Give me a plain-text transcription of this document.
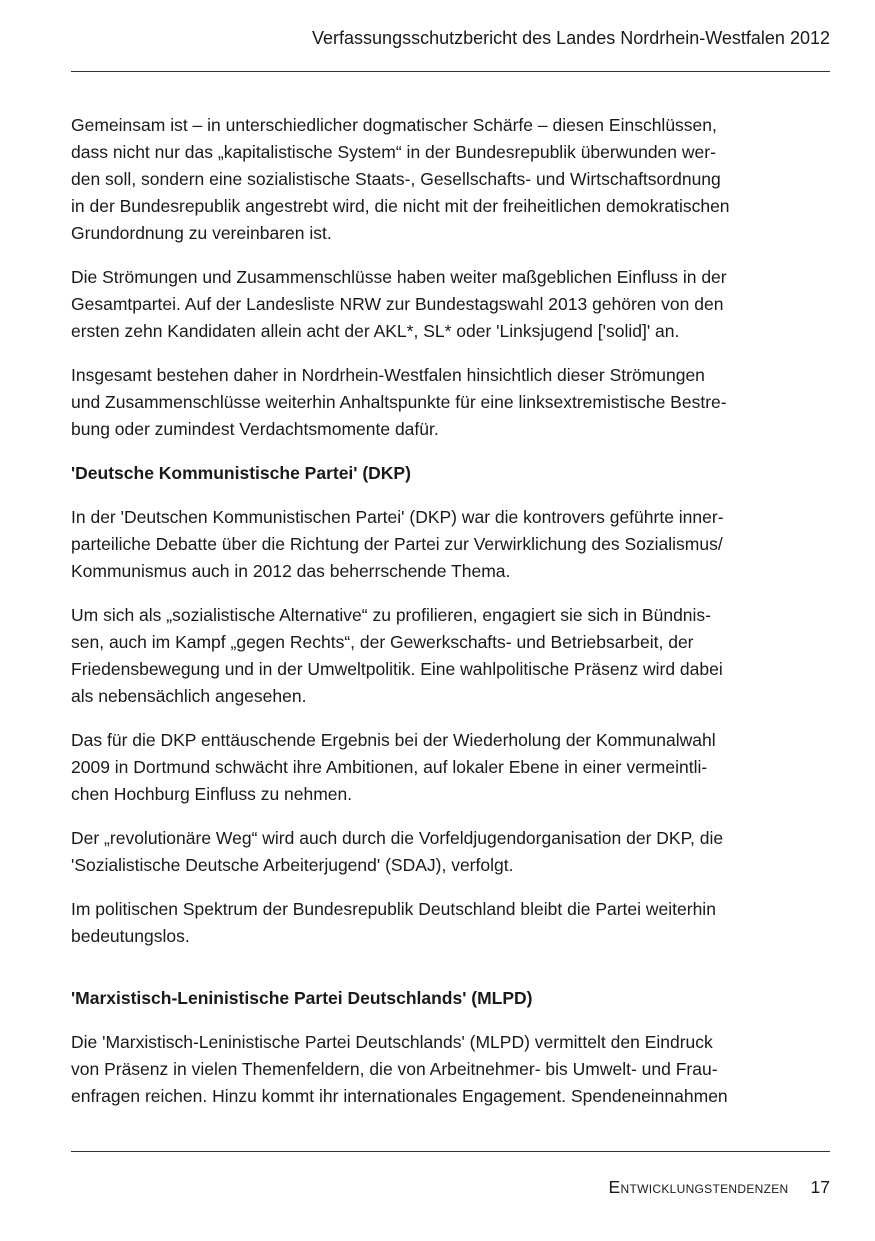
Verfassungsschutzbericht des Landes Nordrhein-Westfalen 2012

Gemeinsam ist – in unterschiedlicher dogmatischer Schärfe – diesen Einschlüssen,
dass nicht nur das „kapitalistische System“ in der Bundesrepublik überwunden wer-
den soll, sondern eine sozialistische Staats-, Gesellschafts- und Wirtschaftsordnung
in der Bundesrepublik angestrebt wird, die nicht mit der freiheitlichen demokratischen
Grundordnung zu vereinbaren ist.

Die Strömungen und Zusammenschlüsse haben weiter maßgeblichen Einfluss in der
Gesamtpartei. Auf der Landesliste NRW zur Bundestagswahl 2013 gehören von den
ersten zehn Kandidaten allein acht der AKL*, SL* oder 'Linksjugend ['solid]' an.

Insgesamt bestehen daher in Nordrhein-Westfalen hinsichtlich dieser Strömungen
und Zusammenschlüsse weiterhin Anhaltspunkte für eine linksextremistische Bestre-
bung oder zumindest Verdachtsmomente dafür.

'Deutsche Kommunistische Partei' (DKP)

In der 'Deutschen Kommunistischen Partei' (DKP) war die kontrovers geführte inner-
parteiliche Debatte über die Richtung der Partei zur Verwirklichung des Sozialismus/
Kommunismus auch in 2012 das beherrschende Thema.

Um sich als „sozialistische Alternative“ zu profilieren, engagiert sie sich in Bündnis-
sen, auch im Kampf „gegen Rechts“, der Gewerkschafts- und Betriebsarbeit, der
Friedensbewegung und in der Umweltpolitik. Eine wahlpolitische Präsenz wird dabei
als nebensächlich angesehen.

Das für die DKP enttäuschende Ergebnis bei der Wiederholung der Kommunalwahl
2009 in Dortmund schwächt ihre Ambitionen, auf lokaler Ebene in einer vermeintli-
chen Hochburg Einfluss zu nehmen.

Der „revolutionäre Weg“ wird auch durch die Vorfeldjugendorganisation der DKP, die
'Sozialistische Deutsche Arbeiterjugend' (SDAJ), verfolgt.

Im politischen Spektrum der Bundesrepublik Deutschland bleibt die Partei weiterhin
bedeutungslos.

'Marxistisch-Leninistische Partei Deutschlands' (MLPD)

Die 'Marxistisch-Leninistische Partei Deutschlands' (MLPD) vermittelt den Eindruck
von Präsenz in vielen Themenfeldern, die von Arbeitnehmer- bis Umwelt- und Frau-
enfragen reichen. Hinzu kommt ihr internationales Engagement. Spendeneinnahmen

Entwicklungstendenzen 17
